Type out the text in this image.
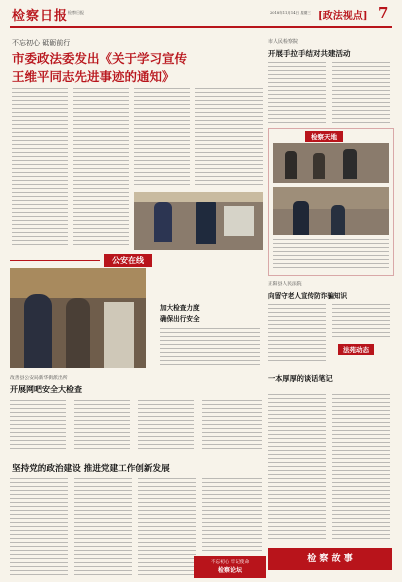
检察日报 检察日报	2018年11月14日 星期三 [政法视点] 7
不忘初心 砥砺前行
市委政法委发出《关于学习宣传
王维平同志先进事迹的通知》
市人民检察院
开展手拉手结对共建活动
检察天地
公安在线
加大检查力度
确保出行安全
正阳县人民法院
向留守老人宣传防诈骗知识
法苑动态
改善县公安局新华街派出所
开展网吧安全大检查
一本厚厚的谈话笔记
坚持党的政治建设 推进党建工作创新发展
不忘初心 牢记使命
检察论坛
检 察 故 事
